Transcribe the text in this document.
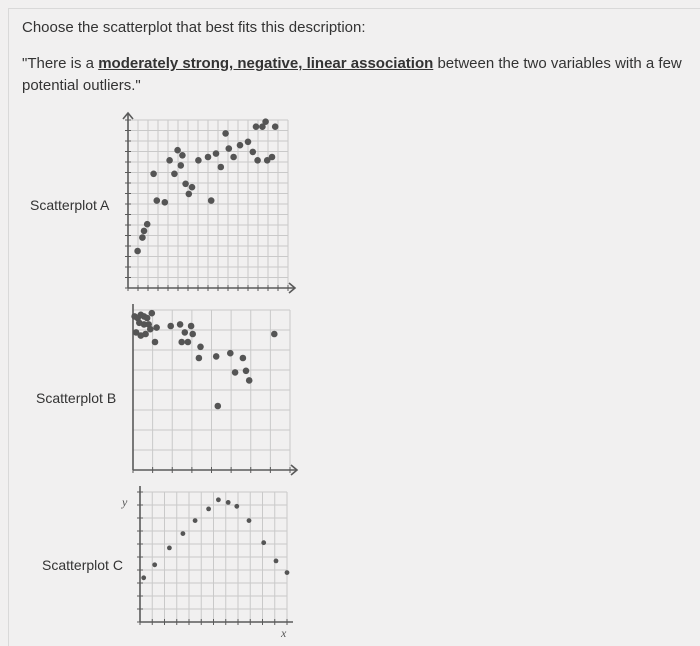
Choose the scatterplot that best fits this description:
"There is a moderately strong, negative, linear association between the two variables with a few potential outliers."
Scatterplot A
Scatterplot B
Scatterplot C
y
x
